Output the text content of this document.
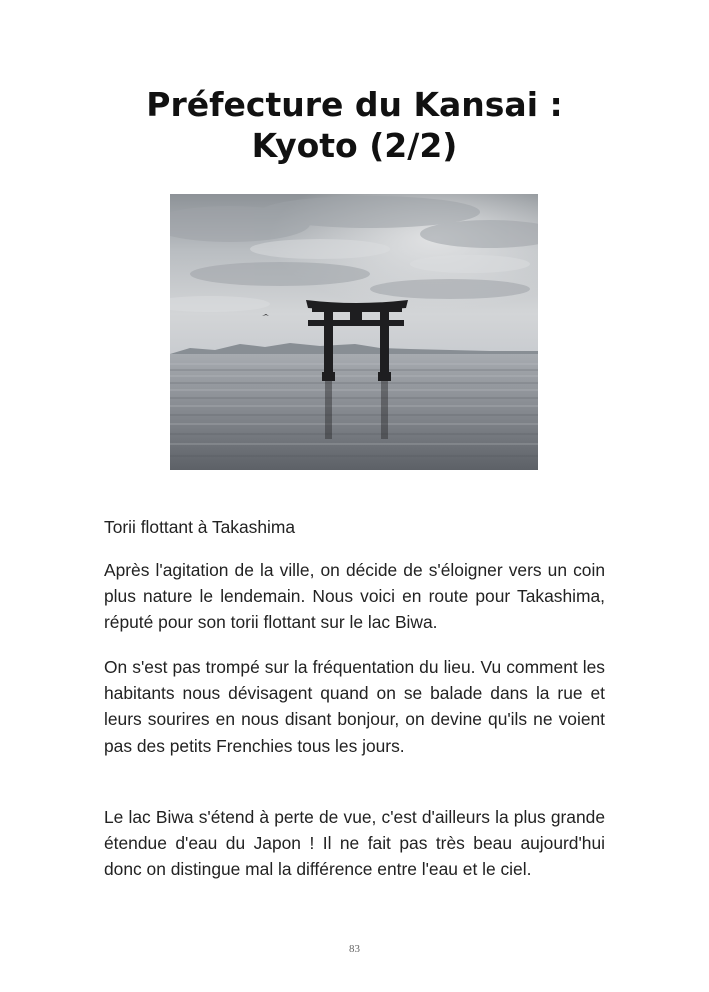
Préfecture du Kansai :
Kyoto (2/2)

Torii flottant à Takashima

Après l'agitation de la ville, on décide de s'éloigner vers un coin plus nature le lendemain. Nous voici en route pour Takashima, réputé pour son torii flottant sur le lac Biwa.

On s'est pas trompé sur la fréquentation du lieu. Vu comment les habitants nous dévisagent quand on se balade dans la rue et leurs sourires en nous disant bonjour, on devine qu'ils ne voient pas des petits Frenchies tous les jours.

Le lac Biwa s'étend à perte de vue, c'est d'ailleurs la plus grande étendue d'eau du Japon ! Il ne fait pas très beau aujourd'hui donc on distingue mal la différence entre l'eau et le ciel.

83
